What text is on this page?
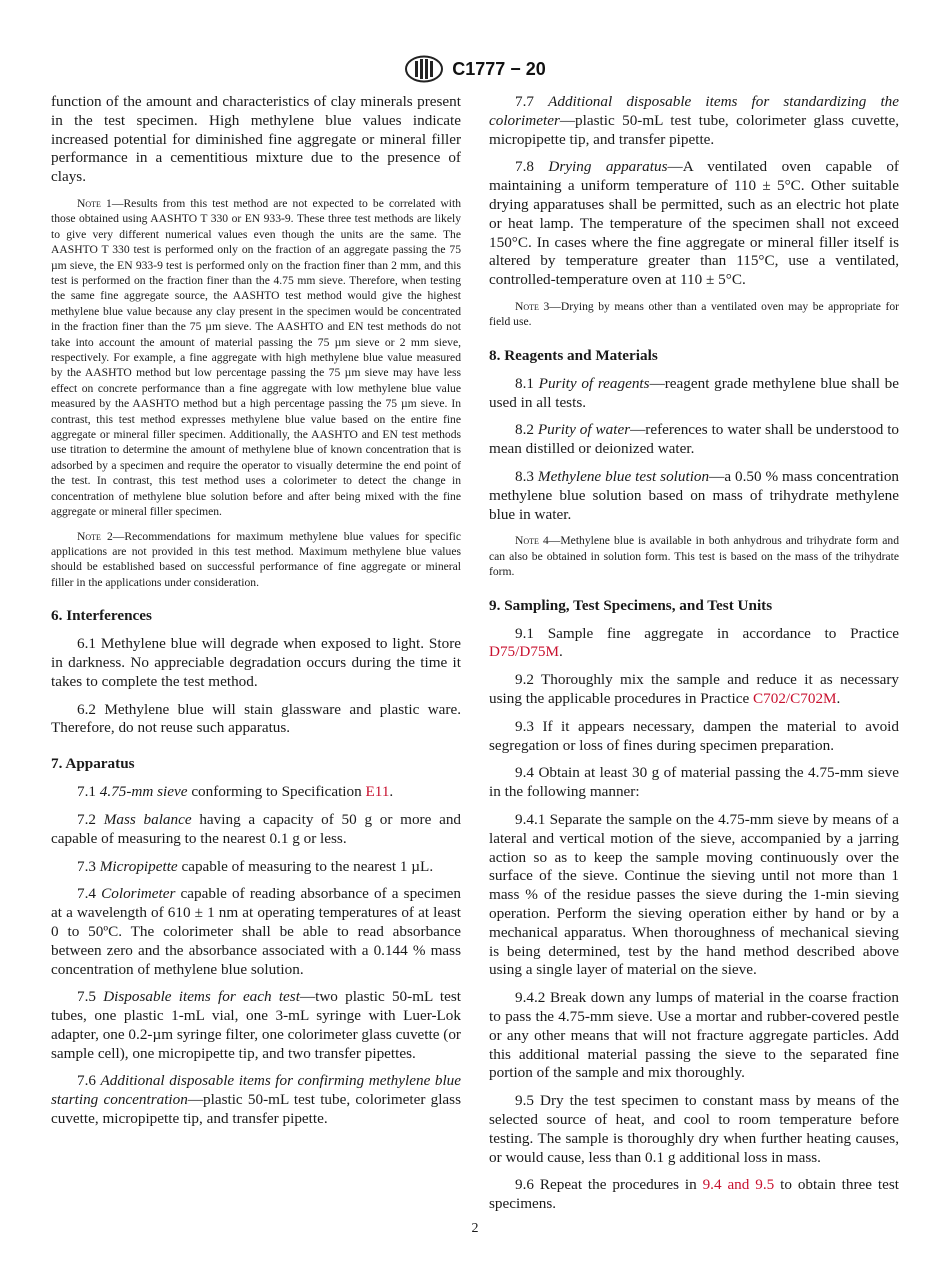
C1777 − 20

function of the amount and characteristics of clay minerals present in the test specimen. High methylene blue values indicate increased potential for diminished fine aggregate or mineral filler performance in a cementitious mixture due to the presence of clays.

Note 1—Results from this test method are not expected to be correlated with those obtained using AASHTO T 330 or EN 933-9. These three test methods are likely to give very different numerical values even though the units are the same. The AASHTO T 330 test is performed only on the fraction of an aggregate passing the 75 µm sieve, the EN 933-9 test is performed only on the fraction finer than 2 mm, and this test is performed on the fraction finer than the 4.75 mm sieve. Therefore, when testing the same fine aggregate source, the AASHTO test method would give the highest methylene blue value because any clay present in the specimen would be concentrated in the fraction finer than the 75 µm sieve. The AASHTO and EN test methods do not take into account the amount of material passing the 75 µm sieve or 2 mm sieve, respectively. For example, a fine aggregate with high methylene blue value measured by the AASHTO method but low percentage passing the 75 µm sieve may have less effect on concrete performance than a fine aggregate with low methylene blue value measured by the AASHTO method but a high percentage passing the 75 µm sieve. In contrast, this test method expresses methylene blue value based on the entire fine aggregate or mineral filler specimen. Additionally, the AASHTO and EN test methods use titration to determine the amount of methylene blue of known concentration that is adsorbed by a specimen and require the operator to visually determine the end point of the test. In contrast, this test method uses a colorimeter to detect the change in concentration of methylene blue solution before and after being mixed with the fine aggregate or mineral filler specimen.

Note 2—Recommendations for maximum methylene blue values for specific applications are not provided in this test method. Maximum methylene blue values should be established based on successful performance of fine aggregate or mineral filler in the applications under consideration.

6. Interferences

6.1 Methylene blue will degrade when exposed to light. Store in darkness. No appreciable degradation occurs during the time it takes to complete the test method.

6.2 Methylene blue will stain glassware and plastic ware. Therefore, do not reuse such apparatus.

7. Apparatus

7.1 4.75-mm sieve conforming to Specification E11.

7.2 Mass balance having a capacity of 50 g or more and capable of measuring to the nearest 0.1 g or less.

7.3 Micropipette capable of measuring to the nearest 1 µL.

7.4 Colorimeter capable of reading absorbance of a specimen at a wavelength of 610 ± 1 nm at operating temperatures of at least 0 to 50ºC. The colorimeter shall be able to read absorbance between zero and the absorbance associated with a 0.144 % mass concentration of methylene blue solution.

7.5 Disposable items for each test—two plastic 50-mL test tubes, one plastic 1-mL vial, one 3-mL syringe with Luer-Lok adapter, one 0.2-µm syringe filter, one colorimeter glass cuvette (or sample cell), one micropipette tip, and two transfer pipettes.

7.6 Additional disposable items for confirming methylene blue starting concentration—plastic 50-mL test tube, colorimeter glass cuvette, micropipette tip, and transfer pipette.

7.7 Additional disposable items for standardizing the colorimeter—plastic 50-mL test tube, colorimeter glass cuvette, micropipette tip, and transfer pipette.

7.8 Drying apparatus—A ventilated oven capable of maintaining a uniform temperature of 110 ± 5°C. Other suitable drying apparatuses shall be permitted, such as an electric hot plate or heat lamp. The temperature of the specimen shall not exceed 150°C. In cases where the fine aggregate or mineral filler itself is altered by temperature greater than 115°C, use a ventilated, controlled-temperature oven at 110 ± 5°C.

Note 3—Drying by means other than a ventilated oven may be appropriate for field use.

8. Reagents and Materials

8.1 Purity of reagents—reagent grade methylene blue shall be used in all tests.

8.2 Purity of water—references to water shall be understood to mean distilled or deionized water.

8.3 Methylene blue test solution—a 0.50 % mass concentration methylene blue solution based on mass of trihydrate methylene blue in water.

Note 4—Methylene blue is available in both anhydrous and trihydrate form and can also be obtained in solution form. This test is based on the mass of the trihydrate form.

9. Sampling, Test Specimens, and Test Units

9.1 Sample fine aggregate in accordance to Practice D75/D75M.

9.2 Thoroughly mix the sample and reduce it as necessary using the applicable procedures in Practice C702/C702M.

9.3 If it appears necessary, dampen the material to avoid segregation or loss of fines during specimen preparation.

9.4 Obtain at least 30 g of material passing the 4.75-mm sieve in the following manner:

9.4.1 Separate the sample on the 4.75-mm sieve by means of a lateral and vertical motion of the sieve, accompanied by a jarring action so as to keep the sample moving continuously over the surface of the sieve. Continue the sieving until not more than 1 mass % of the residue passes the sieve during the 1-min sieving operation. Perform the sieving operation either by hand or by a mechanical apparatus. When thoroughness of mechanical sieving is being determined, test by the hand method described above using a single layer of material on the sieve.

9.4.2 Break down any lumps of material in the coarse fraction to pass the 4.75-mm sieve. Use a mortar and rubber-covered pestle or any other means that will not fracture aggregate particles. Add this additional material passing the sieve to the separated fine portion of the sample and mix thoroughly.

9.5 Dry the test specimen to constant mass by means of the selected source of heat, and cool to room temperature before testing. The sample is thoroughly dry when further heating causes, or would cause, less than 0.1 g additional loss in mass.

9.6 Repeat the procedures in 9.4 and 9.5 to obtain three test specimens.

2
